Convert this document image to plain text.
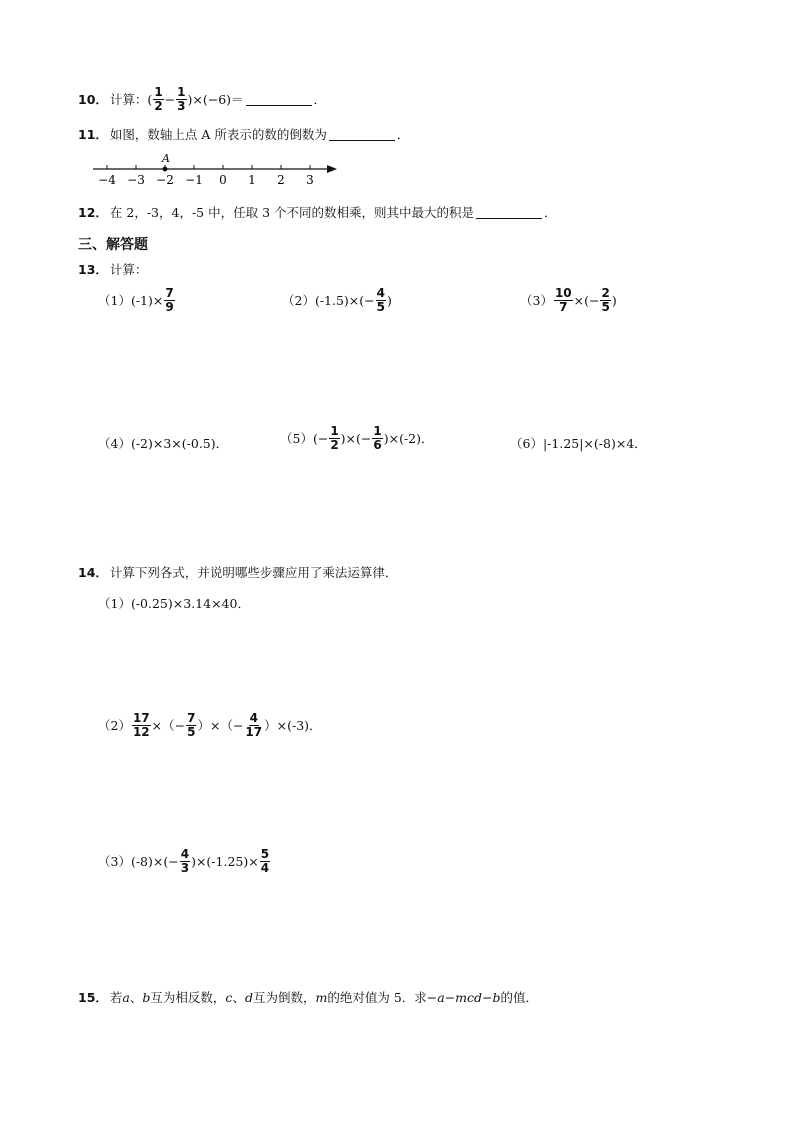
10． 计算： ( $\frac{1}{2} - \frac{1}{3} )\times(-6)=$	．
11． 如图，数轴上点 A 所表示的数的倒数为	．
−4 −3 −2 −1 0 1 2 3
A
12． 在 2，-3，4，-5 中，任取 3 个不同的数相乘，则其中最大的积是	．
三、解答题
13． 计算：
$(1)(-1)\times \frac{7}{9}$	$(2)(-1.5)\times(- \frac{4}{5}$ )	$(3) \frac{10}{7}$ ×(− $\frac{2}{5}$ )
（4）(-2)×3×(-0.5)．	$(5)(- \frac{1}{2}$ )×(− $\frac{1}{6} )\times(-2)$．	（6）|-1.25|×(-8)×4．
14． 计算下列各式，并说明哪些步骤应用了乘法运算律．
（1）(-0.25)×3.14×40．
$(2) \frac{17}{12}$ ×（− $\frac{7}{5}$ ）×（− $\frac{4}{17} )\times(-3)$．
$(3)(-8)\times(- \frac{4}{3} )\times(-1.25)\times \frac{5}{4}$
15． 若 a 、 b 互为相反数， c 、 d 互为倒数， m 的绝对值为 5．求 −a−mcd−b 的值．
